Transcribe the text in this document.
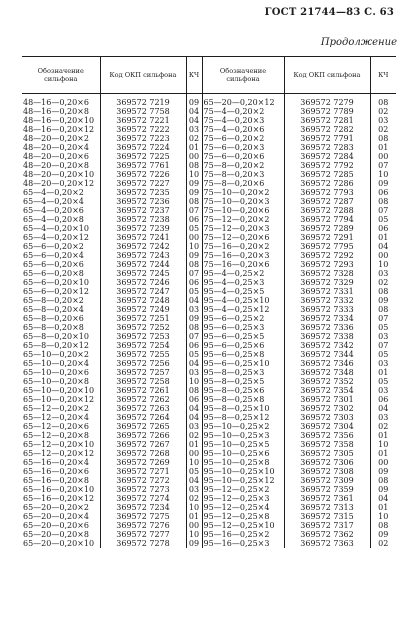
ГОСТ 21744—83 С. 63
Продолжение
Обозначение сильфона	Код ОКП сильфона	КЧ	Обозначение сильфона	Код ОКП сильфона	КЧ
48—16—0,20×6	369572 7219	09	65—20—0,20×12	369572 7279	08
48—16—0,20×8	369572 7758	04	75—4—0,20×2	369572 7789	02
48—16—0,20×10	369572 7221	04	75—4—0,20×3	369572 7281	03
48—16—0,20×12	369572 7222	03	75—4—0,20×6	369572 7282	02
48—20—0,20×2	369572 7223	02	75—6—0,20×2	369572 7791	08
48—20—0,20×4	369572 7224	01	75—6—0,20×3	369572 7283	01
48—20—0,20×6	369572 7225	00	75—6—0,20×6	369572 7284	00
48—20—0,20×8	369572 7761	08	75—8—0,20×2	369572 7792	07
48—20—0,20×10	369572 7226	10	75—8—0,20×3	369572 7285	10
48—20—0,20×12	369572 7227	09	75—8—0,20×6	369572 7286	09
65—4—0,20×2	369572 7235	09	75—10—0,20×2	369572 7793	06
65—4—0,20×4	369572 7236	08	75—10—0,20×3	369572 7287	08
65—4—0,20×6	369572 7237	07	75—10—0,20×6	369572 7288	07
65—4—0,20×8	369572 7238	06	75—12—0,20×2	369572 7794	05
65—4—0,20×10	369572 7239	05	75—12—0,20×3	369572 7289	06
65—4—0,20×12	369572 7241	00	75—12—0,20×6	369572 7291	01
65—6—0,20×2	369572 7242	10	75—16—0,20×2	369572 7795	04
65—6—0,20×4	369572 7243	09	75—16—0,20×3	369572 7292	00
65—6—0,20×6	369572 7244	08	75—16—0,20×6	369572 7293	10
65—6—0,20×8	369572 7245	07	95—4—0,25×2	369572 7328	03
65—6—0,20×10	369572 7246	06	95—4—0,25×3	369572 7329	02
65—6—0,20×12	369572 7247	05	95—4—0,25×5	369572 7331	08
65—8—0,20×2	369572 7248	04	95—4—0,25×10	369572 7332	09
65—8—0,20×4	369572 7249	03	95—4—0,25×12	369572 7333	08
65—8—0,20×6	369572 7251	09	95—6—0,25×2	369572 7334	07
65—8—0,20×8	369572 7252	08	95—6—0,25×3	369572 7336	05
65—8—0,20×10	369572 7253	07	95—6—0,25×5	369572 7338	03
65—8—0,20×12	369572 7254	06	95—6—0,25×6	369572 7342	07
65—10—0,20×2	369572 7255	05	95—6—0,25×8	369572 7344	05
65—10—0,20×4	369572 7256	04	95—6—0,25×10	369572 7346	03
65—10—0,20×6	369572 7257	03	95—8—0,25×3	369572 7348	01
65—10—0,20×8	369572 7258	10	95—8—0,25×5	369572 7352	05
65—10—0,20×10	369572 7261	08	95—8—0,25×6	369572 7354	03
65—10—0,20×12	369572 7262	06	95—8—0,25×8	369572 7301	06
65—12—0,20×2	369572 7263	04	95—8—0,25×10	369572 7302	04
65—12—0,20×4	369572 7264	04	95—8—0,25×12	369572 7303	03
65—12—0,20×6	369572 7265	03	95—10—0,25×2	369572 7304	02
65—12—0,20×8	369572 7266	02	95—10—0,25×3	369572 7356	01
65—12—0,20×10	369572 7267	01	95—10—0,25×5	369572 7358	10
65—12—0,20×12	369572 7268	00	95—10—0,25×6	369572 7305	01
65—16—0,20×4	369572 7269	10	95—10—0,25×8	369572 7306	00
65—16—0,20×6	369572 7271	05	95—10—0,25×10	369572 7308	09
65—16—0,20×8	369572 7272	04	95—10—0,25×12	369572 7309	08
65—16—0,20×10	369572 7273	03	95—12—0,25×2	369572 7359	09
65—16—0,20×12	369572 7274	02	95—12—0,25×3	369572 7361	04
65—20—0,20×2	369572 7234	10	95—12—0,25×4	369572 7313	01
65—20—0,20×4	369572 7275	01	95—12—0,25×8	369572 7315	10
65—20—0,20×6	369572 7276	00	95—12—0,25×10	369572 7317	08
65—20—0,20×8	369572 7277	10	95—16—0,25×2	369572 7362	09
65—20—0,20×10	369572 7278	09	95—16—0,25×3	369572 7363	02
